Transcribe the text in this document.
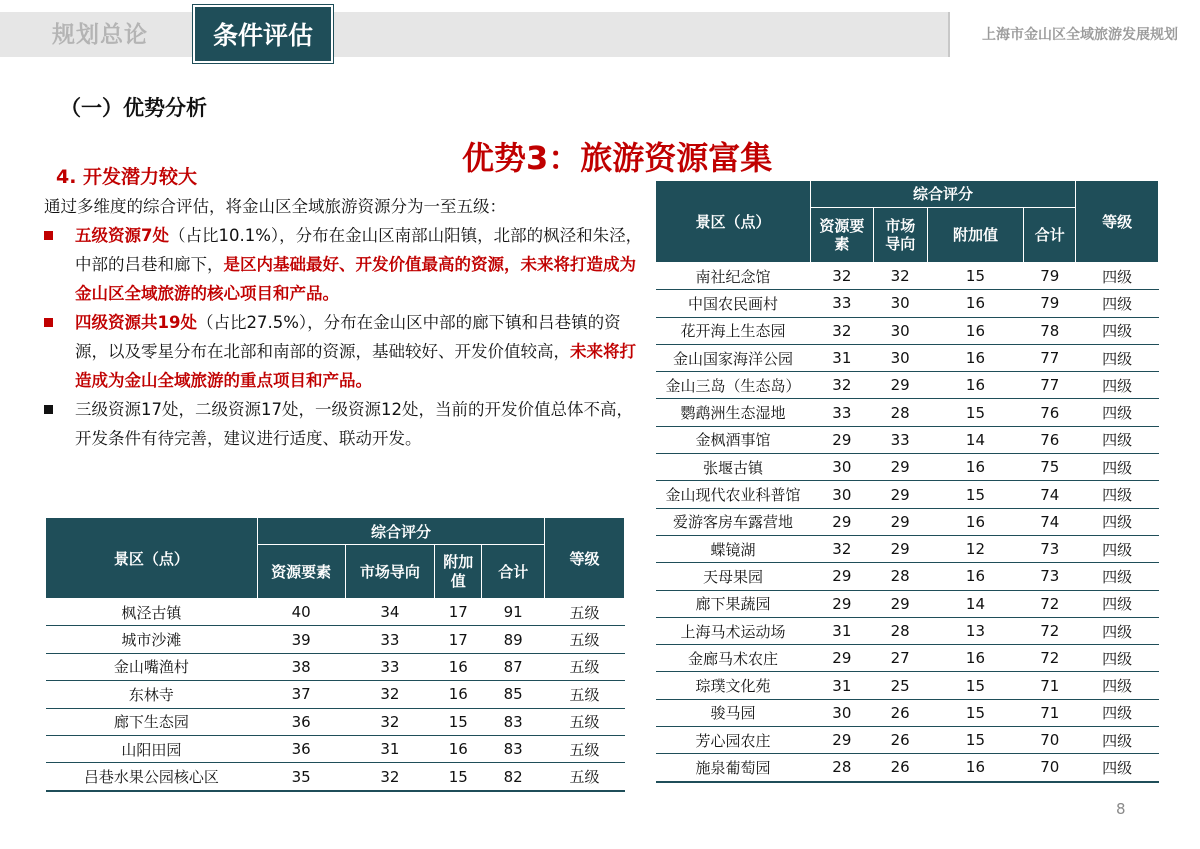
规划总论	条件评估	上海市金山区全域旅游发展规划
（一）优势分析
优势3：旅游资源富集
4. 开发潜力较大

通过多维度的综合评估，将金山区全域旅游资源分为一至五级：

五级资源7处（占比10.1%），分布在金山区南部山阳镇，北部的枫泾和朱泾，中部的吕巷和廊下，是区内基础最好、开发价值最高的资源，未来将打造成为金山区全域旅游的核心项目和产品。

四级资源共19处（占比27.5%），分布在金山区中部的廊下镇和吕巷镇的资源，以及零星分布在北部和南部的资源，基础较好、开发价值较高，未来将打造成为金山全域旅游的重点项目和产品。

三级资源17处，二级资源17处，一级资源12处，当前的开发价值总体不高，开发条件有待完善，建议进行适度、联动开发。

景区（点）	综合评分				等级
	资源要素	市场导向	附加值	合计	
枫泾古镇	40	34	17	91	五级
城市沙滩	39	33	17	89	五级
金山嘴渔村	38	33	16	87	五级
东林寺	37	32	16	85	五级
廊下生态园	36	32	15	83	五级
山阳田园	36	31	16	83	五级
吕巷水果公园核心区	35	32	15	82	五级
景区（点）	综合评分				等级
	资源要素	市场导向	附加值	合计	
南社纪念馆	32	32	15	79	四级
中国农民画村	33	30	16	79	四级
花开海上生态园	32	30	16	78	四级
金山国家海洋公园	31	30	16	77	四级
金山三岛（生态岛）	32	29	16	77	四级
鹦鹉洲生态湿地	33	28	15	76	四级
金枫酒事馆	29	33	14	76	四级
张堰古镇	30	29	16	75	四级
金山现代农业科普馆	30	29	15	74	四级
爱游客房车露营地	29	29	16	74	四级
蝶镜湖	32	29	12	73	四级
天母果园	29	28	16	73	四级
廊下果蔬园	29	29	14	72	四级
上海马术运动场	31	28	13	72	四级
金廊马术农庄	29	27	16	72	四级
琮璞文化苑	31	25	15	71	四级
骏马园	30	26	15	71	四级
芳心园农庄	29	26	15	70	四级
施泉葡萄园	28	26	16	70	四级
8
